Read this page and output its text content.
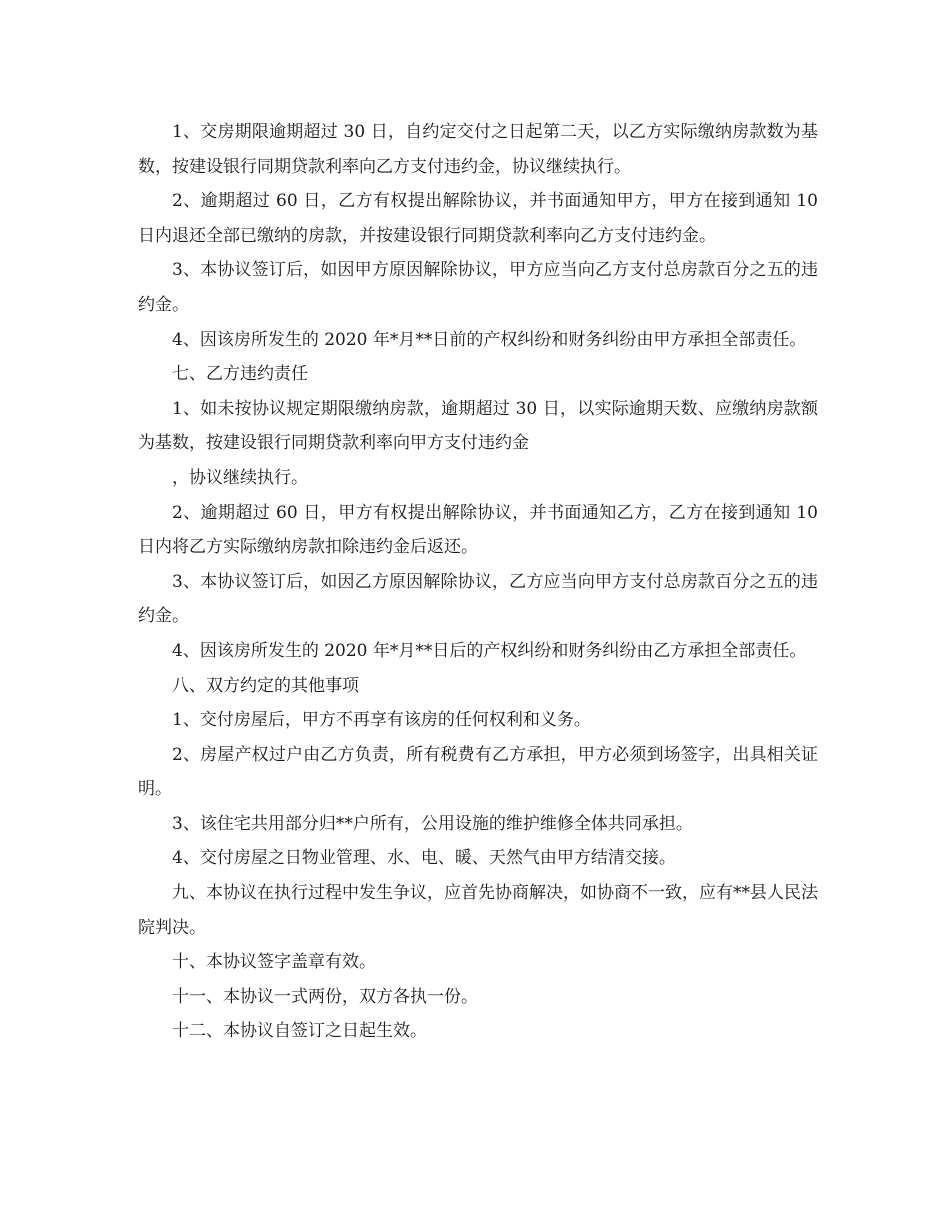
1、交房期限逾期超过 30 日，自约定交付之日起第二天，以乙方实际缴纳房款数为基数，按建设银行同期贷款利率向乙方支付违约金，协议继续执行。

2、逾期超过 60 日，乙方有权提出解除协议，并书面通知甲方，甲方在接到通知 10 日内退还全部已缴纳的房款，并按建设银行同期贷款利率向乙方支付违约金。

3、本协议签订后，如因甲方原因解除协议，甲方应当向乙方支付总房款百分之五的违约金。

4、因该房所发生的 2020 年*月**日前的产权纠纷和财务纠纷由甲方承担全部责任。

七、乙方违约责任

1、如未按协议规定期限缴纳房款，逾期超过 30 日，以实际逾期天数、应缴纳房款额为基数，按建设银行同期贷款利率向甲方支付违约金

，协议继续执行。

2、逾期超过 60 日，甲方有权提出解除协议，并书面通知乙方，乙方在接到通知 10 日内将乙方实际缴纳房款扣除违约金后返还。

3、本协议签订后，如因乙方原因解除协议，乙方应当向甲方支付总房款百分之五的违约金。

4、因该房所发生的 2020 年*月**日后的产权纠纷和财务纠纷由乙方承担全部责任。

八、双方约定的其他事项

1、交付房屋后，甲方不再享有该房的任何权利和义务。

2、房屋产权过户由乙方负责，所有税费有乙方承担，甲方必须到场签字，出具相关证明。

3、该住宅共用部分归**户所有，公用设施的维护维修全体共同承担。

4、交付房屋之日物业管理、水、电、暖、天然气由甲方结清交接。

九、本协议在执行过程中发生争议，应首先协商解决，如协商不一致，应有**县人民法院判决。

十、本协议签字盖章有效。

十一、本协议一式两份，双方各执一份。

十二、本协议自签订之日起生效。
